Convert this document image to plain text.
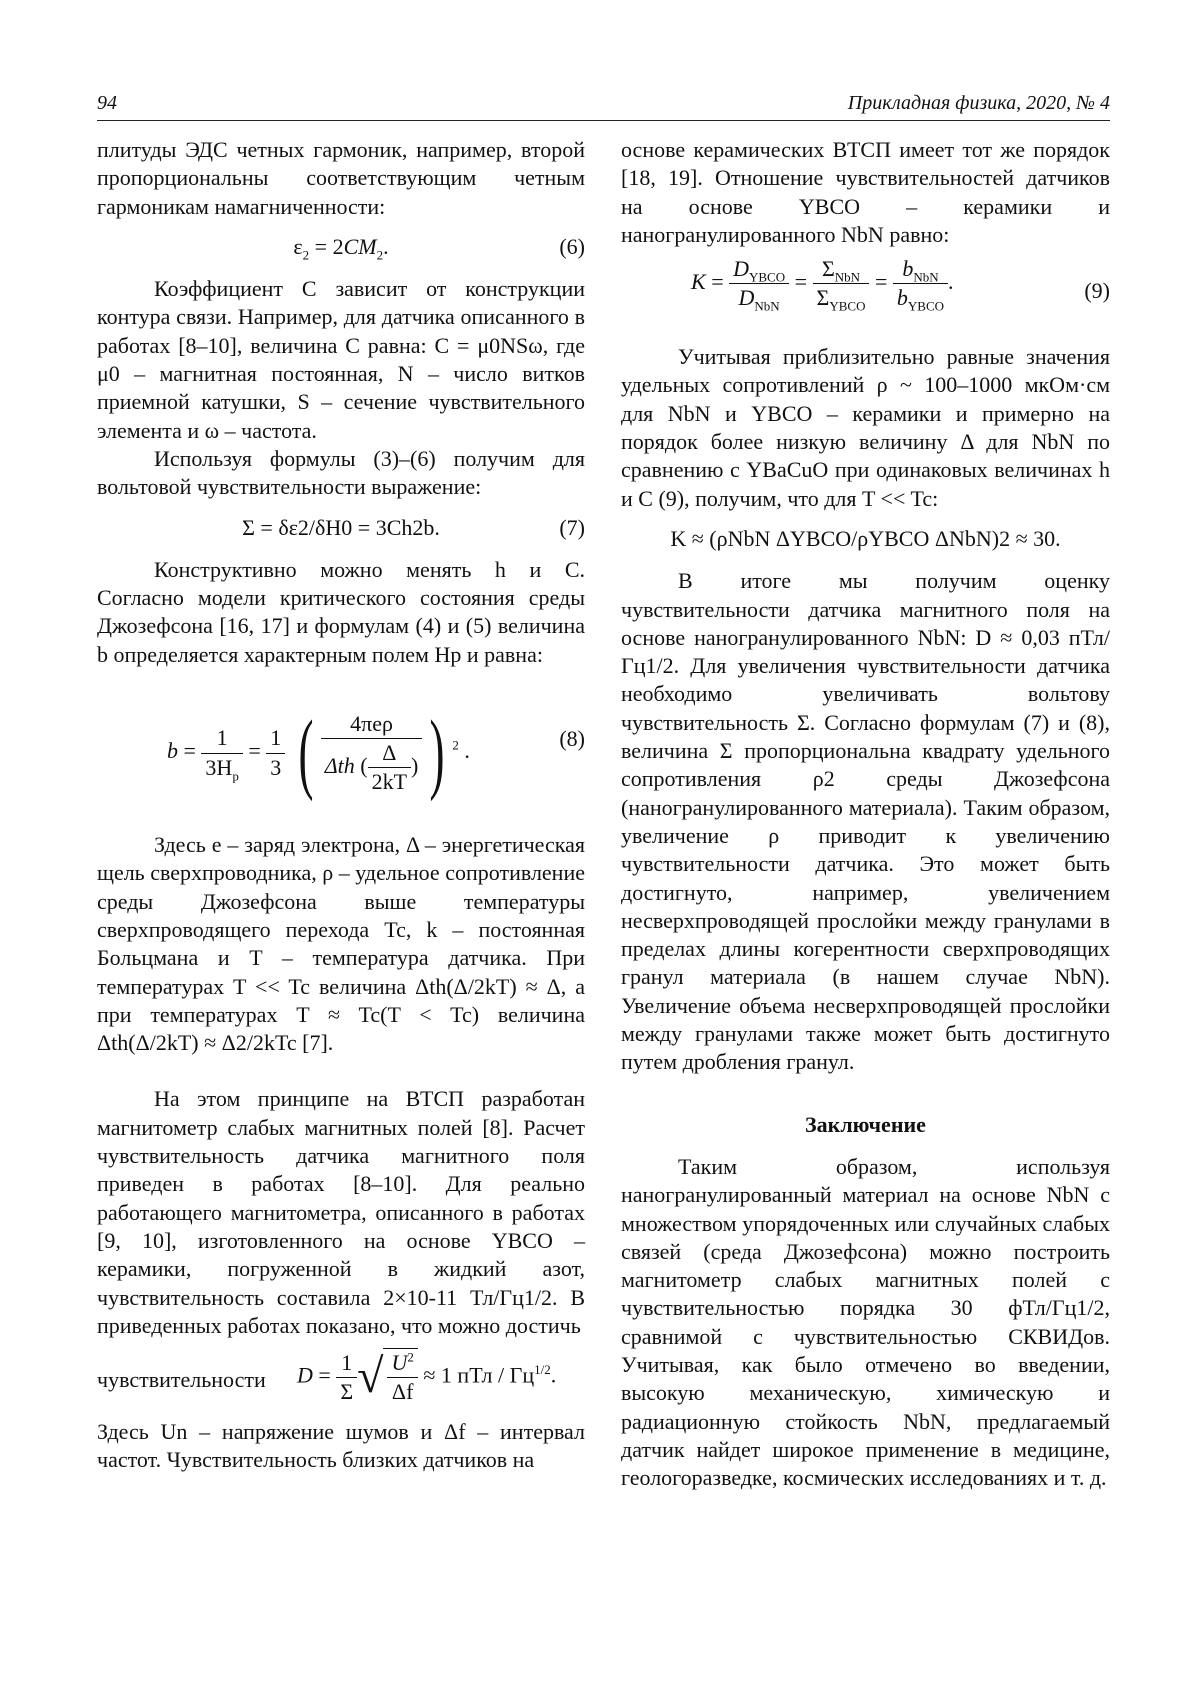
94	Прикладная физика, 2020, № 4

плитуды ЭДС четных гармоник, например, второй пропорциональны соответствующим четным гармоникам намагниченности:

$\varepsilon_2 = 2CM_2$.	(6)

Коэффициент C зависит от конструкции контура связи. Например, для датчика описанного в работах [8–10], величина C равна: C = μ0NSω, где μ0 – магнитная постоянная, N – число витков приемной катушки, S – сечение чувствительного элемента и ω – частота.

Используя формулы (3)–(6) получим для вольтовой чувствительности выражение:

Σ = δε2/δH0 = 3Ch2b.	(7)

Конструктивно можно менять h и C. Согласно модели критического состояния среды Джозефсона [16, 17] и формулам (4) и (5) величина b определяется характерным полем Hp и равна:

$b = \frac{1}{3H_p} = \frac{1}{3}$ ( $\frac{\text{4πeρ}}{\Delta th ( \frac{\Delta}{2kT} )}$ ) $^2$ .	(8)

Здесь e – заряд электрона, Δ – энергетическая щель сверхпроводника, ρ – удельное сопротивление среды Джозефсона выше температуры сверхпроводящего перехода Tc, k – постоянная Больцмана и T – температура датчика. При температурах T << Tc величина Δth(Δ/2kT) ≈ Δ, а при температурах T ≈ Tc(T < Tc) величина Δth(Δ/2kT) ≈ Δ2/2kTc [7].

На этом принципе на ВТСП разработан магнитометр слабых магнитных полей [8]. Расчет чувствительность датчика магнитного поля приведен в работах [8–10]. Для реально работающего магнитометра, описанного в работах [9, 10], изготовленного на основе YBCO – керамики, погруженной в жидкий азот, чувствительность составила 2×10-11 Тл/Гц1/2. В приведенных работах показано, что можно достичь

чувствительности $D = \frac{1}{\Sigma}$ √ $\frac{U^2}{\Delta f} \approx 1$ пТл / $Гц^{1/2}$.

Здесь Un – напряжение шумов и Δf – интервал частот. Чувствительность близких датчиков на

основе керамических ВТСП имеет тот же порядок [18, 19]. Отношение чувствительностей датчиков на основе YBCO – керамики и наногранулированного NbN равно:

$K = \frac{D_{YBCO}}{D_{NbN}} = \frac{\Sigma_{NbN}}{\Sigma_{YBCO}} = \frac{b_{NbN}}{b_{YBCO}}$ .	(9)

Учитывая приблизительно равные значения удельных сопротивлений ρ ~ 100–1000 мкОм·см для NbN и YBCO – керамики и примерно на порядок более низкую величину Δ для NbN по сравнению с YBaCuO при одинаковых величинах h и C (9), получим, что для T << Tc:

K ≈ (ρNbN ΔYBCO/ρYBCO ΔNbN)2 ≈ 30.

В итоге мы получим оценку чувствительности датчика магнитного поля на основе наногранулированного NbN: D ≈ 0,03 пТл/Гц1/2. Для увеличения чувствительности датчика необходимо увеличивать вольтову чувствительность Σ. Согласно формулам (7) и (8), величина Σ пропорциональна квадрату удельного сопротивления ρ2 среды Джозефсона (наногранулированного материала). Таким образом, увеличение ρ приводит к увеличению чувствительности датчика. Это может быть достигнуто, например, увеличением несверхпроводящей прослойки между гранулами в пределах длины когерентности сверхпроводящих гранул материала (в нашем случае NbN). Увеличение объема несверхпроводящей прослойки между гранулами также может быть достигнуто путем дробления гранул.

Заключение

Таким образом, используя наногранулированный материал на основе NbN с множеством упорядоченных или случайных слабых связей (среда Джозефсона) можно построить магнитометр слабых магнитных полей с чувствительностью порядка 30 фТл/Гц1/2, сравнимой с чувствительностью СКВИДов. Учитывая, как было отмечено во введении, высокую механическую, химическую и радиационную стойкость NbN, предлагаемый датчик найдет широкое применение в медицине, геологоразведке, космических исследованиях и т. д.
